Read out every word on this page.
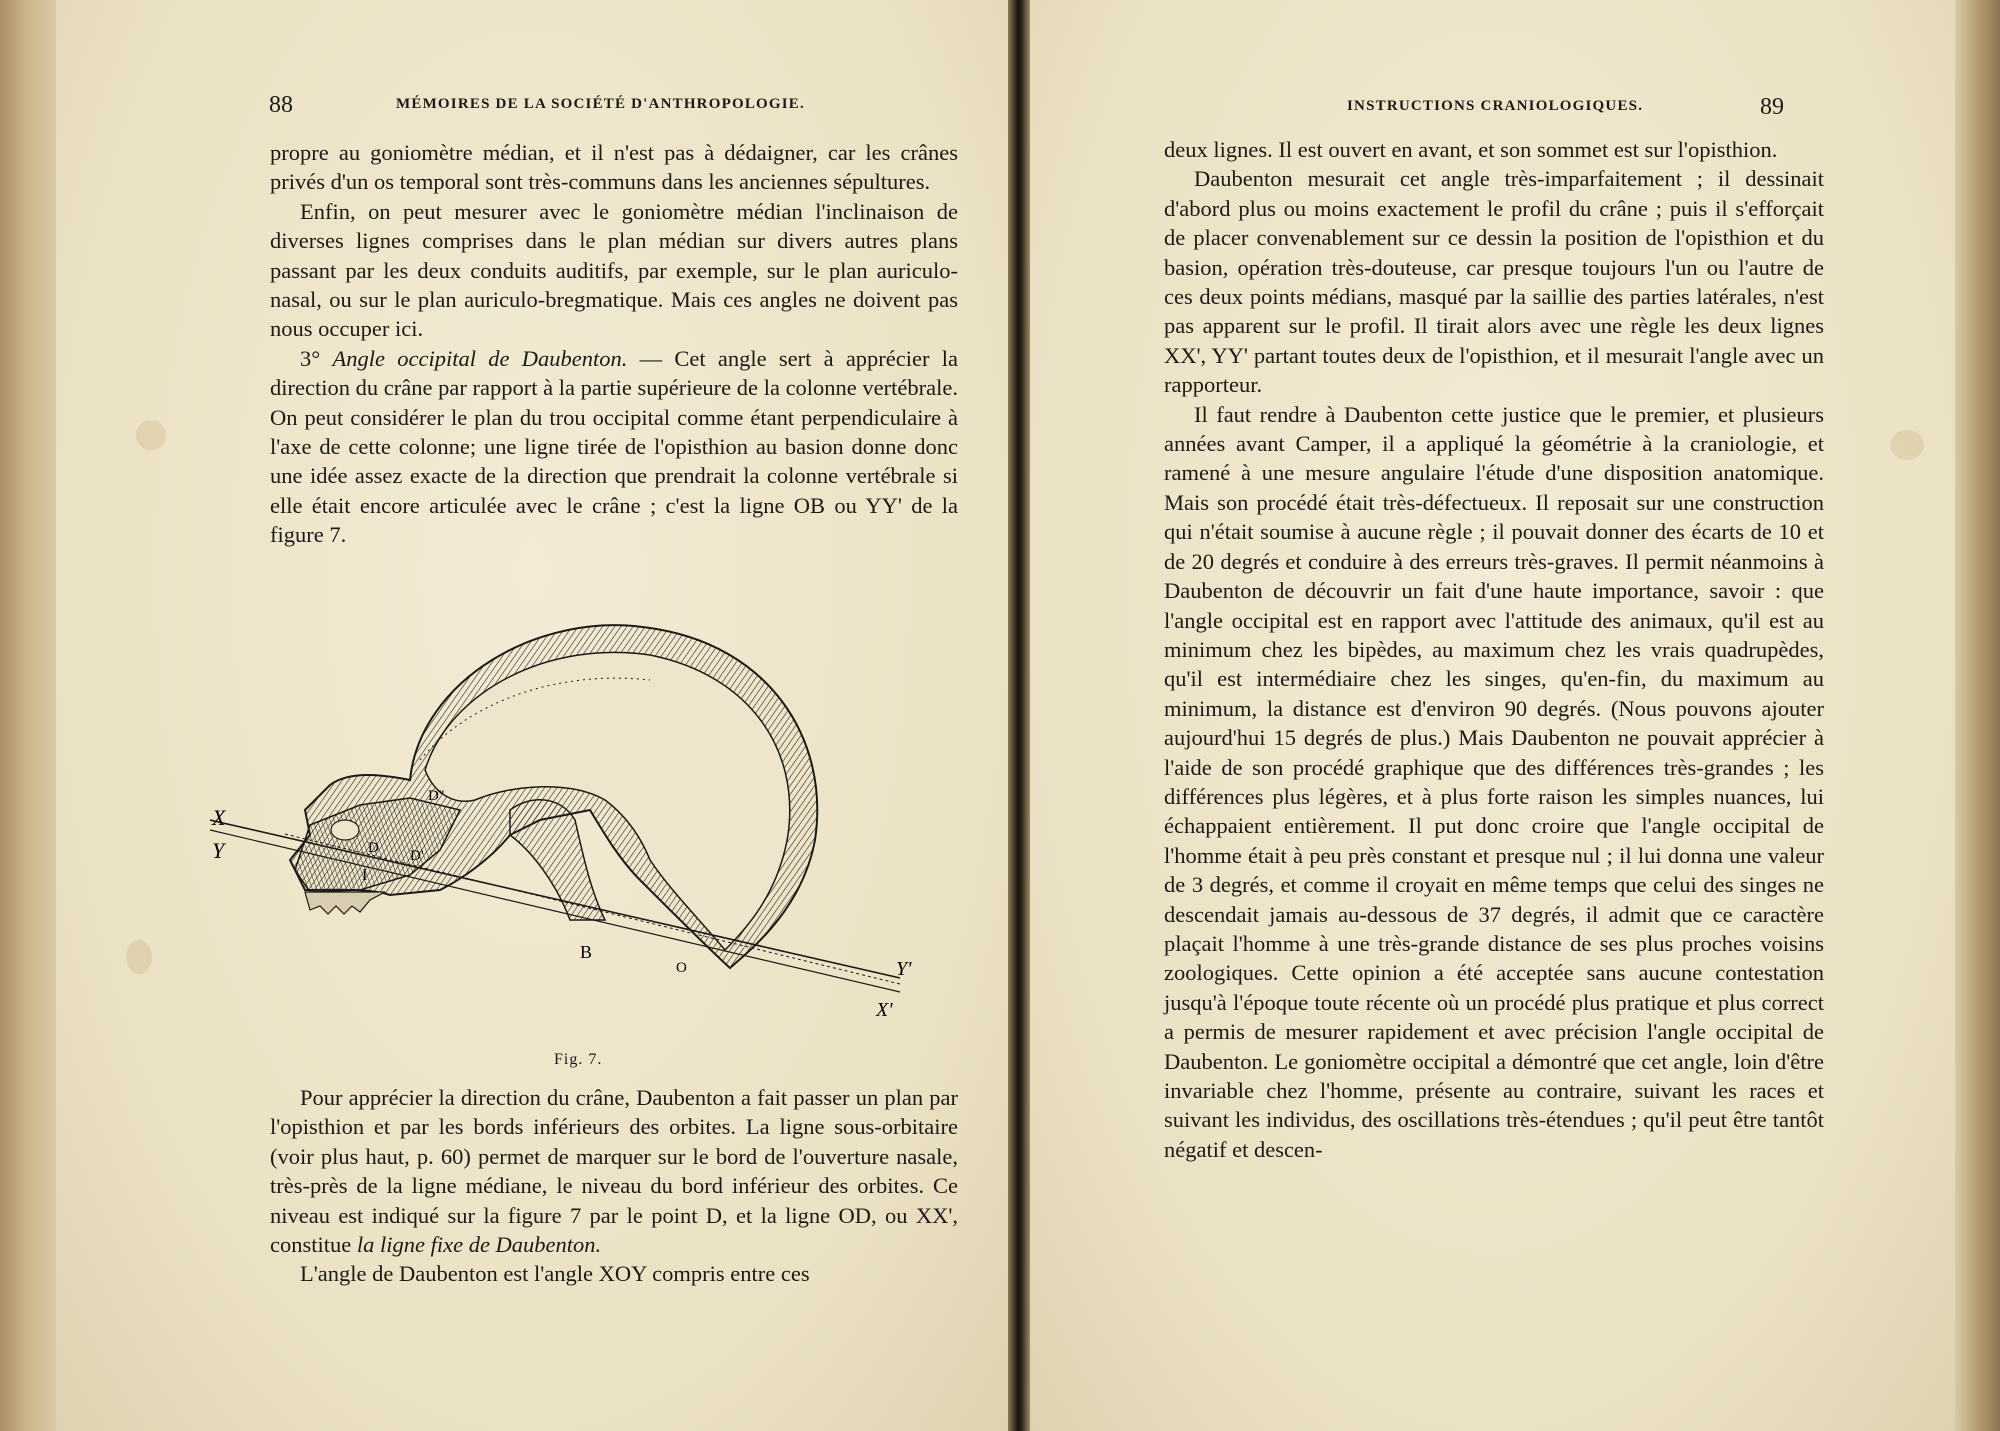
88	MÉMOIRES DE LA SOCIÉTÉ D'ANTHROPOLOGIE.

propre au goniomètre médian, et il n'est pas à dédaigner, car les crânes privés d'un os temporal sont très-communs dans les anciennes sépultures.

Enfin, on peut mesurer avec le goniomètre médian l'inclinaison de diverses lignes comprises dans le plan médian sur divers autres plans passant par les deux conduits auditifs, par exemple, sur le plan auriculo-nasal, ou sur le plan auriculo-bregmatique. Mais ces angles ne doivent pas nous occuper ici.

3° Angle occipital de Daubenton. — Cet angle sert à apprécier la direction du crâne par rapport à la partie supérieure de la colonne vertébrale. On peut considérer le plan du trou occipital comme étant perpendiculaire à l'axe de cette colonne; une ligne tirée de l'opisthion au basion donne donc une idée assez exacte de la direction que prendrait la colonne vertébrale si elle était encore articulée avec le crâne ; c'est la ligne OB ou YY' de la figure 7.

Fig. 7.

Pour apprécier la direction du crâne, Daubenton a fait passer un plan par l'opisthion et par les bords inférieurs des orbites. La ligne sous-orbitaire (voir plus haut, p. 60) permet de marquer sur le bord de l'ouverture nasale, très-près de la ligne médiane, le niveau du bord inférieur des orbites. Ce niveau est indiqué sur la figure 7 par le point D, et la ligne OD, ou XX', constitue la ligne fixe de Daubenton.

L'angle de Daubenton est l'angle XOY compris entre ces

X
Y
Y'
X'
I
D D'
D''
B
O
INSTRUCTIONS CRANIOLOGIQUES.	89

deux lignes. Il est ouvert en avant, et son sommet est sur l'opisthion.

Daubenton mesurait cet angle très-imparfaitement ; il dessinait d'abord plus ou moins exactement le profil du crâne ; puis il s'efforçait de placer convenablement sur ce dessin la position de l'opisthion et du basion, opération très-douteuse, car presque toujours l'un ou l'autre de ces deux points médians, masqué par la saillie des parties latérales, n'est pas apparent sur le profil. Il tirait alors avec une règle les deux lignes XX', YY' partant toutes deux de l'opisthion, et il mesurait l'angle avec un rapporteur.

Il faut rendre à Daubenton cette justice que le premier, et plusieurs années avant Camper, il a appliqué la géométrie à la craniologie, et ramené à une mesure angulaire l'étude d'une disposition anatomique. Mais son procédé était très-défectueux. Il reposait sur une construction qui n'était soumise à aucune règle ; il pouvait donner des écarts de 10 et de 20 degrés et conduire à des erreurs très-graves. Il permit néanmoins à Daubenton de découvrir un fait d'une haute importance, savoir : que l'angle occipital est en rapport avec l'attitude des animaux, qu'il est au minimum chez les bipèdes, au maximum chez les vrais quadrupèdes, qu'il est intermédiaire chez les singes, qu'en-fin, du maximum au minimum, la distance est d'environ 90 degrés. (Nous pouvons ajouter aujourd'hui 15 degrés de plus.) Mais Daubenton ne pouvait apprécier à l'aide de son procédé graphique que des différences très-grandes ; les différences plus légères, et à plus forte raison les simples nuances, lui échappaient entièrement. Il put donc croire que l'angle occipital de l'homme était à peu près constant et presque nul ; il lui donna une valeur de 3 degrés, et comme il croyait en même temps que celui des singes ne descendait jamais au-dessous de 37 degrés, il admit que ce caractère plaçait l'homme à une très-grande distance de ses plus proches voisins zoologiques. Cette opinion a été acceptée sans aucune contestation jusqu'à l'époque toute récente où un procédé plus pratique et plus correct a permis de mesurer rapidement et avec précision l'angle occipital de Daubenton. Le goniomètre occipital a démontré que cet angle, loin d'être invariable chez l'homme, présente au contraire, suivant les races et suivant les individus, des oscillations très-étendues ; qu'il peut être tantôt négatif et descen-
